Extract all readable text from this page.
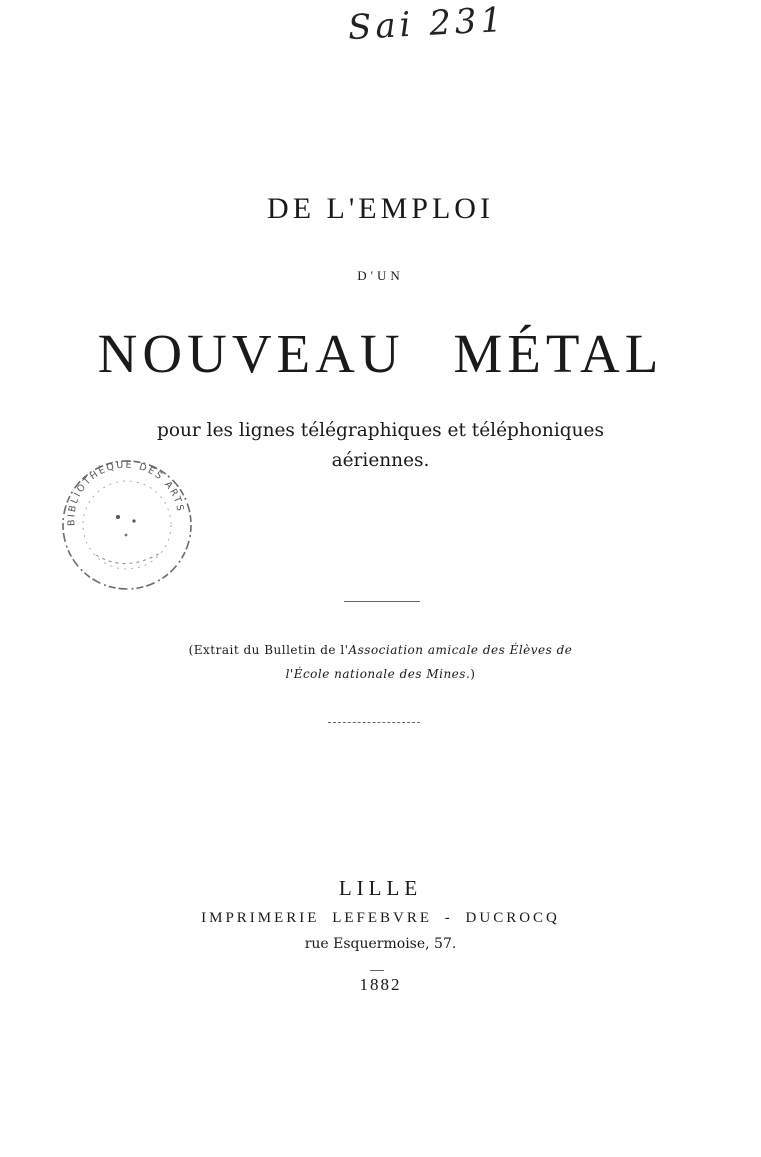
Sai 231
DE L'EMPLOI
D'UN
NOUVEAU MÉTAL
pour les lignes télégraphiques et téléphoniques
aériennes.
BIBLIOTHÈQUE DES ARTS
(Extrait du Bulletin de l'Association amicale des Élèves de
l'École nationale des Mines.)
LILLE
IMPRIMERIE LEFEBVRE - DUCROCQ
rue Esquermoise, 57.
1882
